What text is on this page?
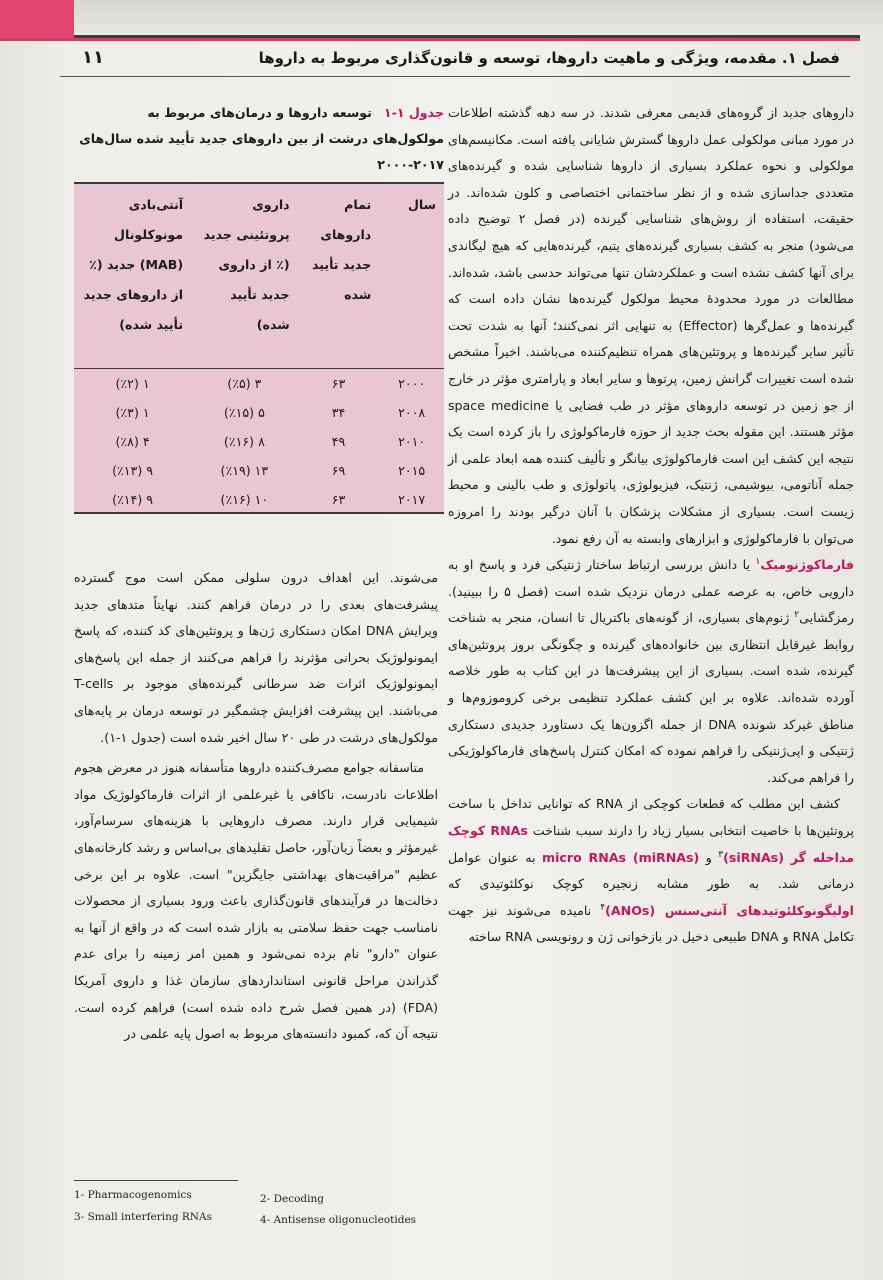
فصل ۱. مقدمه، ویژگی و ماهیت داروها، توسعه و قانون‌گذاری مربوط به داروها
۱۱

داروهای جدید از گروه‌های قدیمی معرفی شدند. در سه دهه گذشته اطلاعات در مورد مبانی مولکولی عمل داروها گسترش شایانی یافته است. مکانیسم‌های مولکولی و نحوه عملکرد بسیاری از داروها شناسایی شده و گیرنده‌های متعددی جداسازی شده و از نظر ساختمانی اختصاصی و کلون شده‌اند. در حقیقت، استفاده از روش‌های شناسایی گیرنده (در فصل ۲ توضیح داده می‌شود) منجر به کشف بسیاری گیرنده‌های یتیم، گیرنده‌هایی که هیچ لیگاندی برای آنها کشف نشده است و عملکردشان تنها می‌تواند حدسی باشد، شده‌اند. مطالعات در مورد محدودهٔ محیط مولکول گیرنده‌ها نشان داده است که گیرنده‌ها و عمل‌گرها (Effector) به تنهایی اثر نمی‌کنند؛ آنها به شدت تحت تأثیر سایر گیرنده‌ها و پروتئین‌های همراه تنظیم‌کننده می‌باشند. اخیراً مشخص شده است تغییرات گرانش زمین، پرتوها و سایر ابعاد و پارامتری مؤثر در خارج از جو زمین در توسعه داروهای مؤثر در طب فضایی یا space medicine مؤثر هستند. این مقوله بحث جدید از حوزه فارماکولوژی را باز کرده است یک نتیجه این کشف این است فارماکولوژی بیانگر و تألیف کننده همه ابعاد علمی از جمله آناتومی، بیوشیمی، ژنتیک، فیزیولوژی، پاتولوژی و طب بالینی و محیط زیست است. بسیاری از مشکلات پزشکان با آنان درگیر بودند را امروزه می‌توان با فارماکولوژی و ابزارهای وابسته به آن رفع نمود.

فارماکوژنومیک$^۱$ یا دانش بررسی ارتباط ساختار ژنتیکی فرد و پاسخ او به دارویی خاص، به عرصه عملی درمان نزدیک شده است (فصل ۵ را ببینید). رمزگشایی$^۲$ ژنوم‌های بسیاری، از گونه‌های باکتریال تا انسان، منجر به شناخت روابط غیرقابل انتظاری بین خانواده‌های گیرنده و چگونگی بروز پروتئین‌های گیرنده، شده است. بسیاری از این پیشرفت‌ها در این کتاب به طور خلاصه آورده شده‌اند. علاوه بر این کشف عملکرد تنظیمی برخی کروموزوم‌ها و مناطق غیرکد شونده DNA از جمله اگزون‌ها یک دستاورد جدیدی دستکاری ژنتیکی و اپی‌ژنتیکی را فراهم نموده که امکان کنترل پاسخ‌های فارماکولوژیکی را فراهم می‌کند.

کشف این مطلب که قطعات کوچکی از RNA که توانایی تداخل با ساخت پروتئین‌ها با خاصیت انتخابی بسیار زیاد را دارند سبب شناخت RNAs کوچک مداخله گر (siRNAs)$^۳$ و micro RNAs (miRNAs) به عنوان عوامل درمانی شد. به طور مشابه زنجیره کوچک نوکلئوتیدی که اولیگونوکلئوتیدهای آنتی‌سنس (ANOs)$^۴$ نامیده می‌شوند نیز جهت تکامل RNA و DNA طبیعی دخیل در بازخوانی ژن و رونویسی RNA ساخته

جدول ۱-۱توسعه داروها و درمان‌های مربوط به مولکول‌های درشت از بین داروهای جدید تأیید شده سال‌های ۲۰۱۷-۲۰۰۰
سال	تمام داروهای جدید تأیید شده	داروی پروتئینی جدید (٪ از داروی جدید تأیید شده)	آنتی‌بادی مونوکلونال (MAB) جدید (٪ از داروهای جدید تأیید شده)
۲۰۰۰	۶۳	۳ (٪۵)	۱ (٪۲)
۲۰۰۸	۳۴	۵ (٪۱۵)	۱ (٪۳)
۲۰۱۰	۴۹	۸ (٪۱۶)	۴ (٪۸)
۲۰۱۵	۶۹	۱۳ (٪۱۹)	۹ (٪۱۳)
۲۰۱۷	۶۳	۱۰ (٪۱۶)	۹ (٪۱۴)

می‌شوند. این اهداف درون سلولی ممکن است موج گسترده پیشرفت‌های بعدی را در درمان فراهم کنند. نهایتاً متدهای جدید ویرایش DNA امکان دستکاری ژن‌ها و پروتئین‌های کد کننده، که پاسخ ایمونولوژیک بحرانی مؤثرند را فراهم می‌کنند از جمله این پاسخ‌های ایمونولوژیک اثرات ضد سرطانی گیرنده‌های موجود بر T-cells می‌باشند. این پیشرفت افزایش چشمگیر در توسعه درمان بر پایه‌های مولکول‌های درشت در طی ۲۰ سال اخیر شده است (جدول ۱-۱).

متاسفانه جوامع مصرف‌کننده داروها متأسفانه هنوز در معرض هجوم اطلاعات نادرست، ناکافی یا غیرعلمی از اثرات فارماکولوژیک مواد شیمیایی قرار دارند. مصرف داروهایی با هزینه‌های سرسام‌آور، غیرمؤثر و بعضاً زیان‌آور، حاصل تقلیدهای بی‌اساس و رشد کارخانه‌های عظیم "مراقبت‌های بهداشتی جایگزین" است. علاوه بر این برخی دخالت‌ها در فرآیندهای قانون‌گذاری باعث ورود بسیاری از محصولات نامناسب جهت حفظ سلامتی به بازار شده است که در واقع از آنها به عنوان "دارو" نام برده نمی‌شود و همین امر زمینه را برای عدم گذراندن مراحل قانونی استانداردهای سازمان غذا و داروی آمریکا (FDA) (در همین فصل شرح داده شده است) فراهم کرده است. نتیجه آن که، کمبود دانسته‌های مربوط به اصول پایه علمی در

1- Pharmacogenomics	2- Decoding
3- Small interfering RNAs	4- Antisense oligonucleotides
